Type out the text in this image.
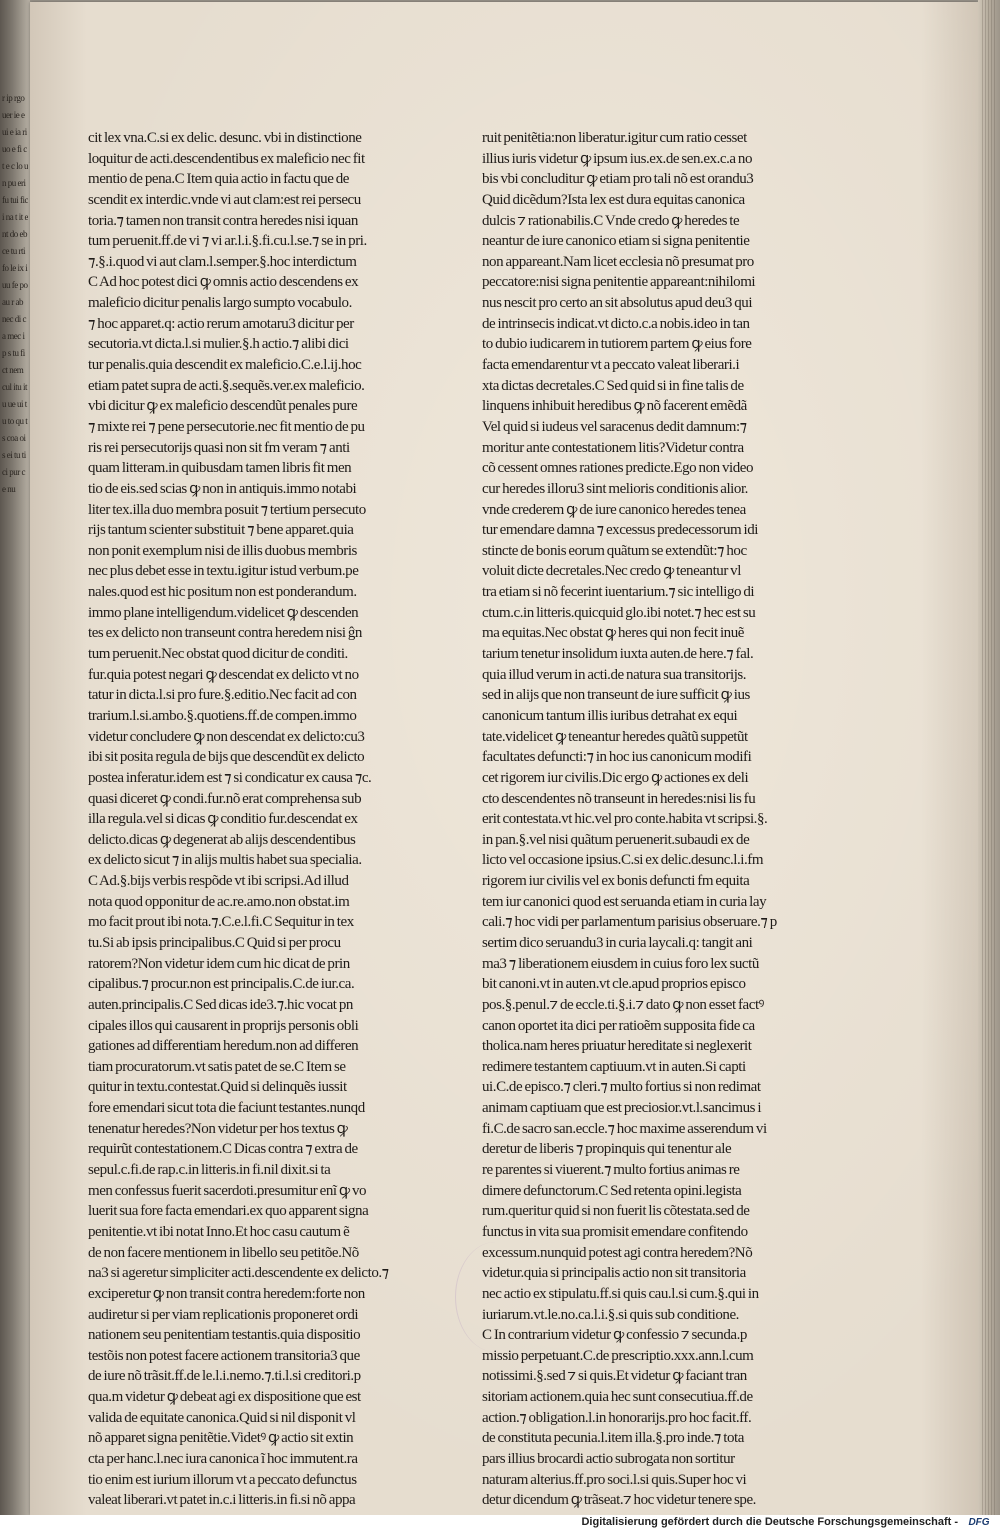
r ip rgo uer ie e ui e ia ri uo e fi ct e c lo un pu eri fu tui fici na t it ent do eb ce tu rti fo le ix iuu fe po au r ab nec di ca mec ip s tu fict nem cul itu itu ue ui tu to qu ts coa ois ei tu tici pur ce nu
cit lex vna.C.si ex delic. desunc. vbi in distinctione
loquitur de acti.descendentibus ex maleficio nec fit
mentio de pena.C Item quia actio in factu que de
scendit ex interdic.vnde vi aut clam:est rei persecu
toria.⁊ tamen non transit contra heredes nisi iquan
tum peruenit.ff.de vi ⁊ vi ar.l.i.§.fi.cu.l.se.⁊ se in pri.
⁊.§.i.quod vi aut clam.l.semper.§.hoc interdictum
C Ad hoc potest dici ꝙ omnis actio descendens ex
maleficio dicitur penalis largo sumpto vocabulo.
⁊ hoc apparet.q: actio rerum amotaru3 dicitur per
secutoria.vt dicta.l.si mulier.§.h actio.⁊ alibi dici
tur penalis.quia descendit ex maleficio.C.e.l.ij.hoc
etiam patet supra de acti.§.sequẽs.ver.ex maleficio.
vbi dicitur ꝙ ex maleficio descendũt penales pure
⁊ mixte rei ⁊ pene persecutorie.nec fit mentio de pu
ris rei persecutorijs quasi non sit fm veram ⁊ anti
quam litteram.in quibusdam tamen libris fit men
tio de eis.sed scias ꝙ non in antiquis.immo notabi
liter tex.illa duo membra posuit ⁊ tertium persecuto
rijs tantum scienter substituit ⁊ bene apparet.quia
non ponit exemplum nisi de illis duobus membris
nec plus debet esse in textu.igitur istud verbum.pe
nales.quod est hic positum non est ponderandum.
immo plane intelligendum.videlicet ꝙ descenden
tes ex delicto non transeunt contra heredem nisi ĝn
tum peruenit.Nec obstat quod dicitur de conditi.
fur.quia potest negari ꝙ descendat ex delicto vt no
tatur in dicta.l.si pro fure.§.editio.Nec facit ad con
trarium.l.si.ambo.§.quotiens.ff.de compen.immo
videtur concludere ꝙ non descendat ex delicto:cu3
ibi sit posita regula de bijs que descendũt ex delicto
postea inferatur.idem est ⁊ si condicatur ex causa ⁊c.
quasi diceret ꝙ condi.fur.nõ erat comprehensa sub
illa regula.vel si dicas ꝙ conditio fur.descendat ex
delicto.dicas ꝙ degenerat ab alijs descendentibus
ex delicto sicut ⁊ in alijs multis habet sua specialia.
C Ad.§.bijs verbis respõde vt ibi scripsi.Ad illud
nota quod opponitur de ac.re.amo.non obstat.im
mo facit prout ibi nota.⁊.C.e.l.fi.C Sequitur in tex
tu.Si ab ipsis principalibus.C Quid si per procu
ratorem?Non videtur idem cum hic dicat de prin
cipalibus.⁊ procur.non est principalis.C.de iur.ca.
auten.principalis.C Sed dicas ide3.⁊.hic vocat pn
cipales illos qui causarent in proprijs personis obli
gationes ad differentiam heredum.non ad differen
tiam procuratorum.vt satis patet de se.C Item se
quitur in textu.contestat.Quid si delinquẽs iussit
fore emendari sicut tota die faciunt testantes.nunqd
tenenatur heredes?Non videtur per hos textus ꝙ
requirũt contestationem.C Dicas contra ⁊ extra de
sepul.c.fi.de rap.c.in litteris.in fi.nil dixit.si ta
men confessus fuerit sacerdoti.presumitur enĩ ꝙ vo
luerit sua fore facta emendari.ex quo apparent signa
penitentie.vt ibi notat Inno.Et hoc casu cautum ẽ
de non facere mentionem in libello seu petitõe.Nõ
na3 si ageretur simpliciter acti.descendente ex delicto.⁊
exciperetur ꝙ non transit contra heredem:forte non
audiretur si per viam replicationis proponeret ordi
nationem seu penitentiam testantis.quia dispositio
testõis non potest facere actionem transitoria3 que
de iure nõ trãsit.ff.de le.l.i.nemo.⁊.ti.l.si creditori.p
qua.m videtur ꝙ debeat agi ex dispositione que est
valida de equitate canonica.Quid si nil disponit vl
nõ apparet signa penitẽtie.Videtꝰ ꝙ actio sit extin
cta per hanc.l.nec iura canonica ĩ hoc immutent.ra
tio enim est iurium illorum vt a peccato defunctus
valeat liberari.vt patet in.c.i litteris.in fi.si nõ appa
ruit penitẽtia:non liberatur.igitur cum ratio cesset
illius iuris videtur ꝙ ipsum ius.ex.de sen.ex.c.a no
bis vbi concluditur ꝙ etiam pro tali nõ est orandu3
Quid dicẽdum?Ista lex est dura equitas canonica
dulcis ⁊ rationabilis.C Vnde credo ꝙ heredes te
neantur de iure canonico etiam si signa penitentie
non appareant.Nam licet ecclesia nõ presumat pro
peccatore:nisi signa penitentie appareant:nihilomi
nus nescit pro certo an sit absolutus apud deu3 qui
de intrinsecis indicat.vt dicto.c.a nobis.ideo in tan
to dubio iudicarem in tutiorem partem ꝙ eius fore
facta emendarentur vt a peccato valeat liberari.i
xta dictas decretales.C Sed quid si in fine talis de
linquens inhibuit heredibus ꝙ nõ facerent emẽdã
Vel quid si iudeus vel saracenus dedit damnum:⁊
moritur ante contestationem litis?Videtur contra
cõ cessent omnes rationes predicte.Ego non video
cur heredes illoru3 sint melioris conditionis alior.
vnde crederem ꝙ de iure canonico heredes tenea
tur emendare damna ⁊ excessus predecessorum idi
stincte de bonis eorum quãtum se extendũt:⁊ hoc
voluit dicte decretales.Nec credo ꝙ teneantur vl
tra etiam si nõ fecerint iuentarium.⁊ sic intelligo di
ctum.c.in litteris.quicquid glo.ibi notet.⁊ hec est su
ma equitas.Nec obstat ꝙ heres qui non fecit inuẽ
tarium tenetur insolidum iuxta auten.de here.⁊ fal.
quia illud verum in acti.de natura sua transitorijs.
sed in alijs que non transeunt de iure sufficit ꝙ ius
canonicum tantum illis iuribus detrahat ex equi
tate.videlicet ꝙ teneantur heredes quãtũ suppetũt
facultates defuncti:⁊ in hoc ius canonicum modifi
cet rigorem iur civilis.Dic ergo ꝙ actiones ex deli
cto descendentes nõ transeunt in heredes:nisi lis fu
erit contestata.vt hic.vel pro conte.habita vt scripsi.§.
in pan.§.vel nisi quãtum peruenerit.subaudi ex de
licto vel occasione ipsius.C.si ex delic.desunc.l.i.fm
rigorem iur civilis vel ex bonis defuncti fm equita
tem iur canonici quod est seruanda etiam in curia lay
cali.⁊ hoc vidi per parlamentum parisius obseruare.⁊ p
sertim dico seruandu3 in curia laycali.q: tangit ani
ma3 ⁊ liberationem eiusdem in cuius foro lex suctũ
bit canoni.vt in auten.vt cle.apud proprios episco
pos.§.penul.⁊ de eccle.ti.§.i.⁊ dato ꝙ non esset factꝰ
canon oportet ita dici per ratioẽm supposita fide ca
tholica.nam heres priuatur hereditate si neglexerit
redimere testantem captiuum.vt in auten.Si capti
ui.C.de episco.⁊ cleri.⁊ multo fortius si non redimat
animam captiuam que est preciosior.vt.l.sancimus i
fi.C.de sacro san.eccle.⁊ hoc maxime asserendum vi
deretur de liberis ⁊ propinquis qui tenentur ale
re parentes si viuerent.⁊ multo fortius animas re
dimere defunctorum.C Sed retenta opini.legista
rum.queritur quid si non fuerit lis cõtestata.sed de
functus in vita sua promisit emendare confitendo
excessum.nunquid potest agi contra heredem?Nõ
videtur.quia si principalis actio non sit transitoria
nec actio ex stipulatu.ff.si quis cau.l.si cum.§.qui in
iuriarum.vt.le.no.ca.l.i.§.si quis sub conditione.
C In contrarium videtur ꝙ confessio ⁊ secunda.p
missio perpetuant.C.de prescriptio.xxx.ann.l.cum
notissimi.§.sed ⁊ si quis.Et videtur ꝙ faciant tran
sitoriam actionem.quia hec sunt consecutiua.ff.de
action.⁊ obligation.l.in honorarijs.pro hoc facit.ff.
de constituta pecunia.l.item illa.§.pro inde.⁊ tota
pars illius brocardi actio subrogata non sortitur
naturam alterius.ff.pro soci.l.si quis.Super hoc vi
detur dicendum ꝙ trãseat.⁊ hoc videtur tenere spe.
Digitalisierung gefördert durch die Deutsche Forschungsgemeinschaft -	DFG
